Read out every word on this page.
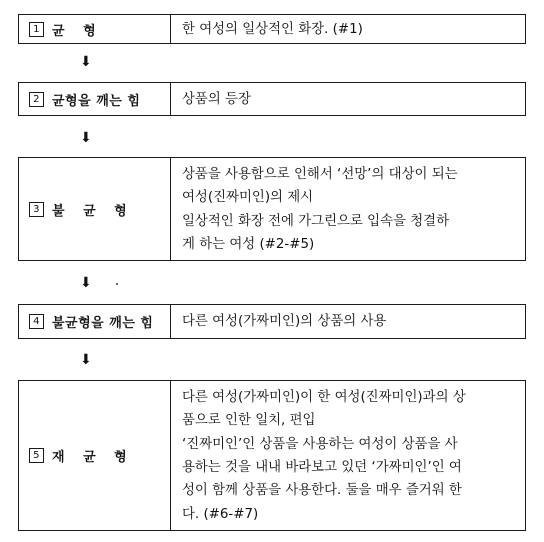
1 균 형	한 여성의 일상적인 화장. (#1)
⬇
2 균형을 깨는 힘	상품의 등장
⬇
3 불 균 형
상품을 사용함으로 인해서 ‘선망’의 대상이 되는
여성(진짜미인)의 제시
일상적인 화장 전에 가그린으로 입속을 청결하
게 하는 여성 (#2-#5)
⬇
4 불균형을 깨는 힘 다른 여성(가짜미인)의 상품의 사용
⬇
5 재 균 형
다른 여성(가짜미인)이 한 여성(진짜미인)과의 상
품으로 인한 일치, 편입
‘진짜미인’인 상품을 사용하는 여성이 상품을 사
용하는 것을 내내 바라보고 있던 ‘가짜미인’인 여
성이 함께 상품을 사용한다. 둘을 매우 즐거워 한
다. (#6-#7)
